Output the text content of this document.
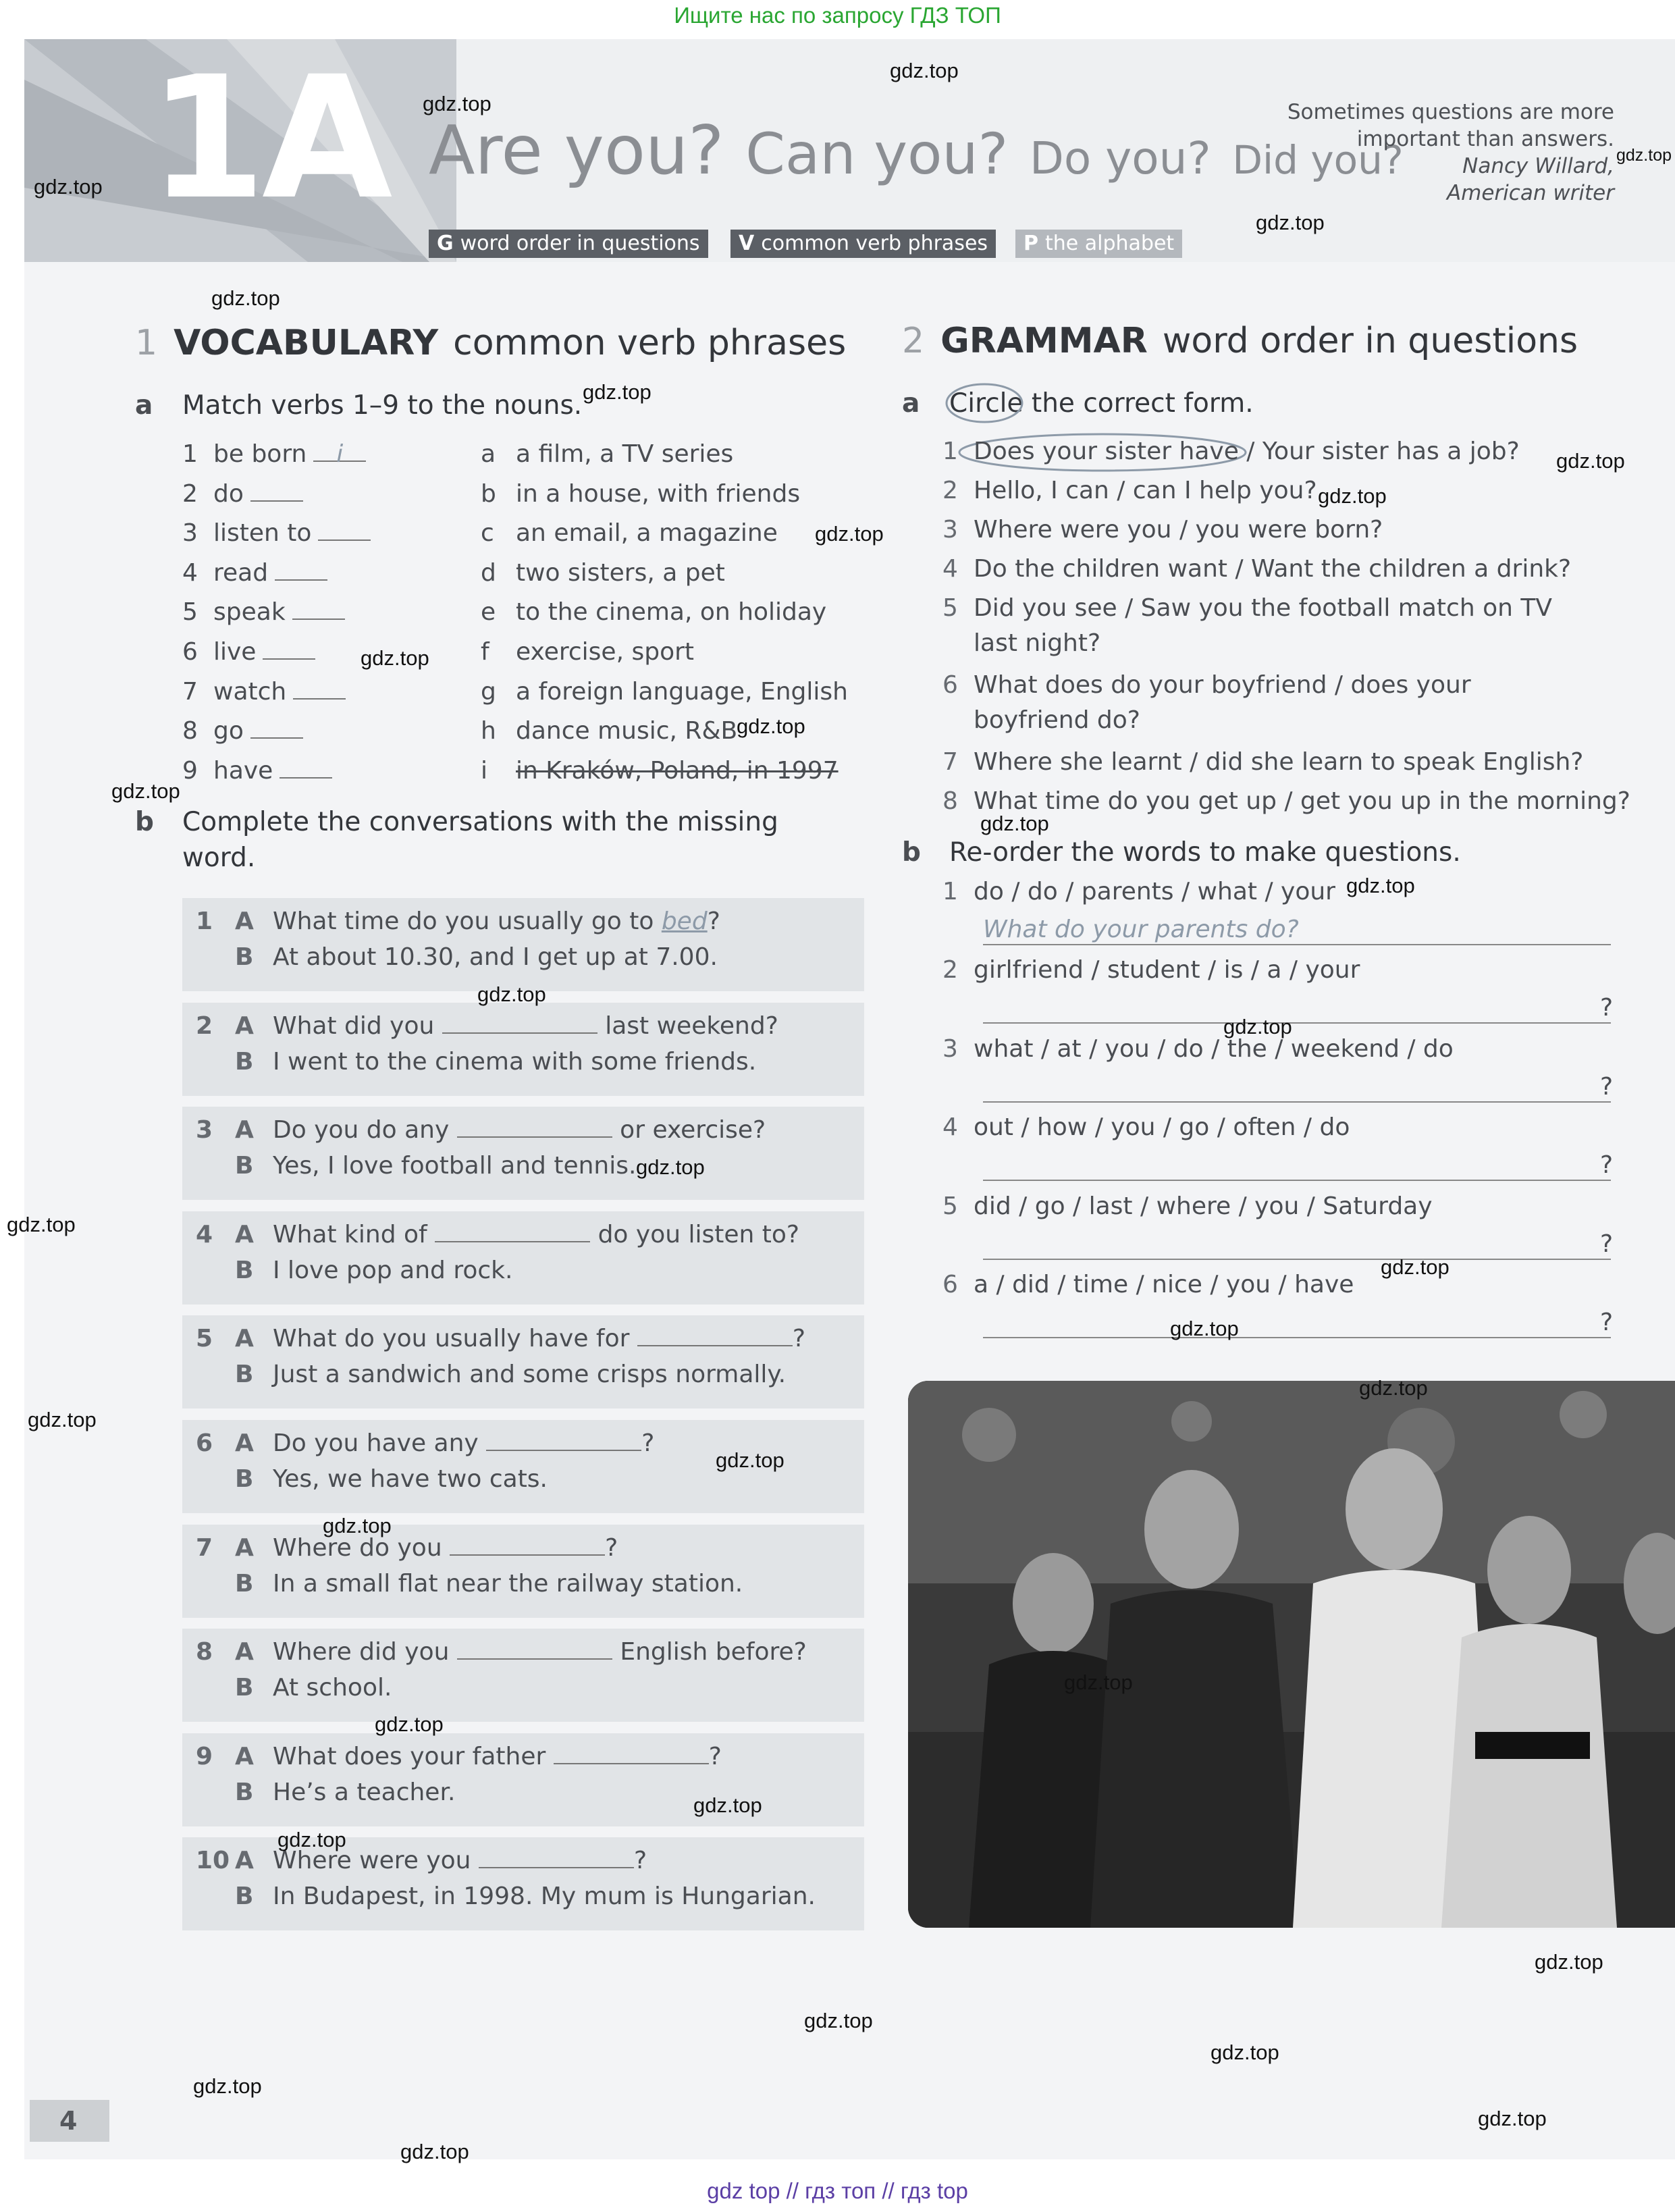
Ищите нас по запросу ГДЗ ТОП
1A Are you? Can you? Do you? Did you?
Sometimes questions are more
important than answers.
Nancy Willard,
American writer
G word order in questions	V common verb phrases	P the alphabet
1 VOCABULARY common verb phrases
a Match verbs 1–9 to the nouns.
1 be born i	a a film, a TV series
2 do	b in a house, with friends
3 listen to	c an email, a magazine
4 read	d two sisters, a pet
5 speak	e to the cinema, on holiday
6 live	f exercise, sport
7 watch	g a foreign language, English
8 go	h dance music, R&B
9 have	i in Kraków, Poland, in 1997
b Complete the conversations with the missing
word.
1 A What time do you usually go to bed?
B At about 10.30, and I get up at 7.00.
2 A What did you	last weekend?
B I went to the cinema with some friends.
3 A Do you do any	or exercise?
B Yes, I love football and tennis.
4 A What kind of	do you listen to?
B I love pop and rock.
5 A What do you usually have for	?
B Just a sandwich and some crisps normally.
6 A Do you have any	?
B Yes, we have two cats.
7 A Where do you	?
B In a small flat near the railway station.
8 A Where did you	English before?
B At school.
9 A What does your father	?
B He’s a teacher.
10 A Where were you	?
B In Budapest, in 1998. My mum is Hungarian.
2 GRAMMAR word order in questions
a Circle the correct form.
1 Does your sister have / Your sister has a job?
2 Hello, I can / can I help you?
3 Where were you / you were born?
4 Do the children want / Want the children a drink?
5 Did you see / Saw you the football match on TV
last night?
6 What does do your boyfriend / does your
boyfriend do?
7 Where she learnt / did she learn to speak English?
8 What time do you get up / get you up in the morning?
b Re-order the words to make questions.
1 do / do / parents / what / your
What do your parents do?
2 girlfriend / student / is / a / your
?
3 what / at / you / do / the / weekend / do
?
4 out / how / you / go / often / do
?
5 did / go / last / where / you / Saturday
?
6 a / did / time / nice / you / have
?
4
gdz top // гдз топ // гдз top
gdz.top
gdz.top
gdz.top
gdz.top
gdz.top
gdz.top
gdz.top
gdz.top
gdz.top
gdz.top
gdz.top
gdz.top
gdz.top
gdz.top
gdz.top
gdz.top
gdz.top
gdz.top
gdz.top
gdz.top
gdz.top
gdz.top
gdz.top
gdz.top
gdz.top
gdz.top
gdz.top
gdz.top
gdz.top
gdz.top
gdz.top
gdz.top
gdz.top
gdz.top
gdz.top
